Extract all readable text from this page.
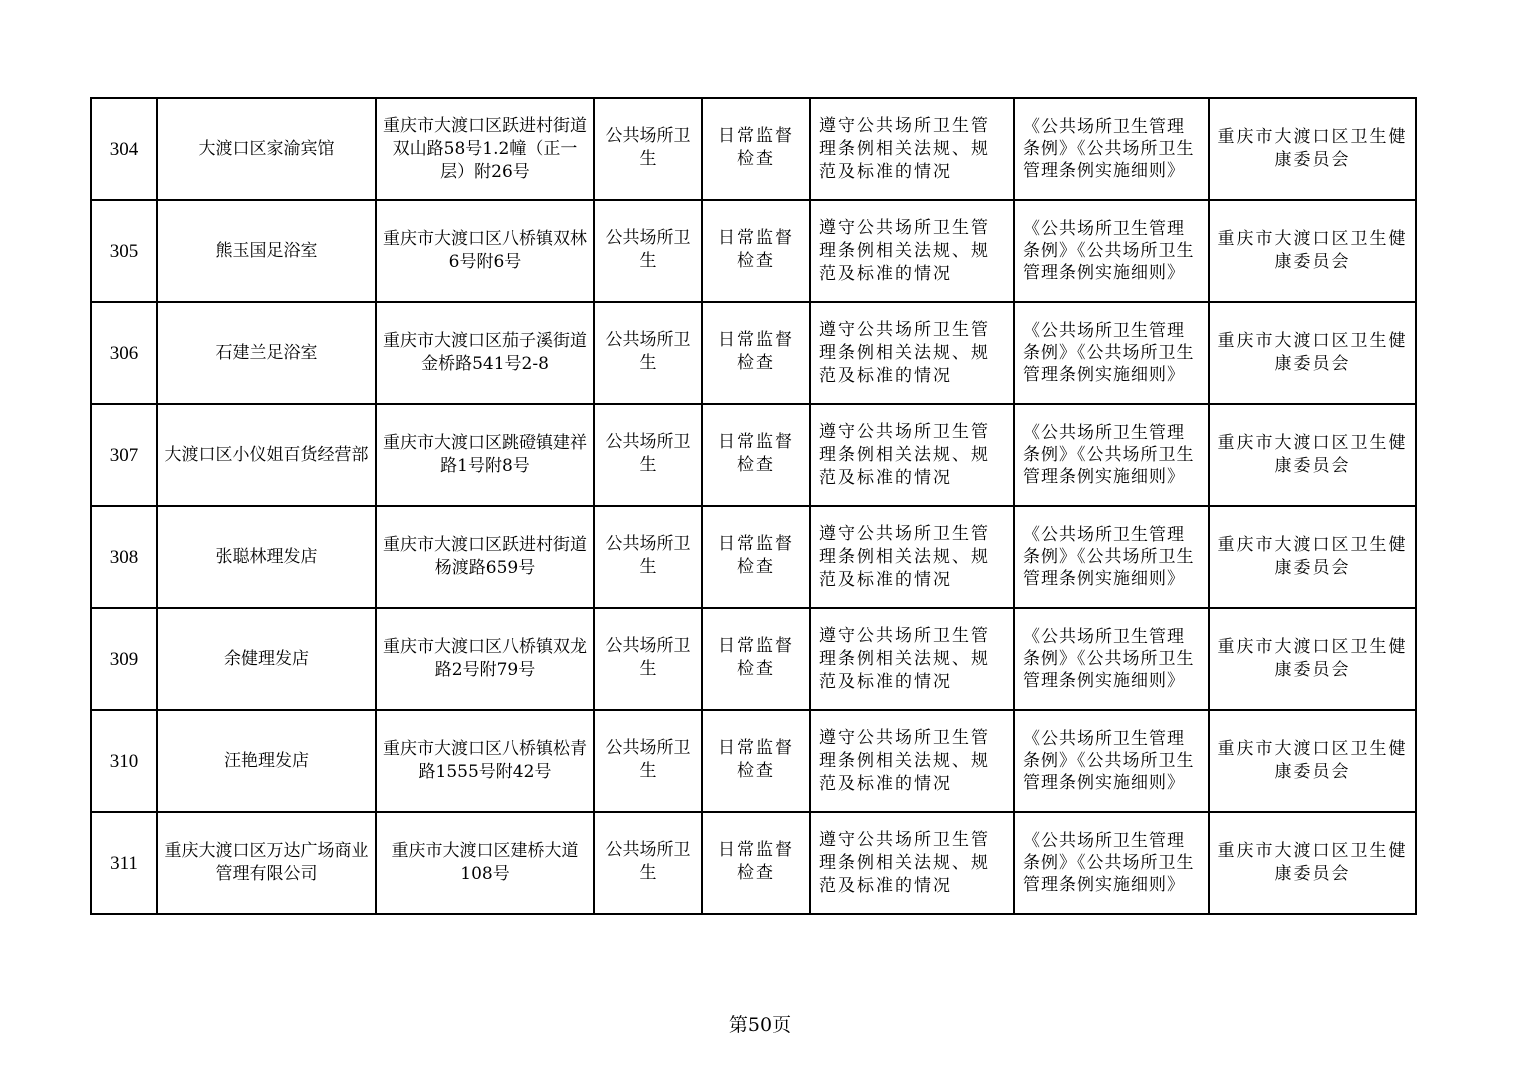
304	大渡口区家渝宾馆	重庆市大渡口区跃进村街道双山路58号1.2幢（正一层）附26号	公共场所卫生	日常监督检查	遵守公共场所卫生管理条例相关法规、规范及标准的情况	《公共场所卫生管理条例》《公共场所卫生管理条例实施细则》	重庆市大渡口区卫生健康委员会
305	熊玉国足浴室	重庆市大渡口区八桥镇双林6号附6号	公共场所卫生	日常监督检查	遵守公共场所卫生管理条例相关法规、规范及标准的情况	《公共场所卫生管理条例》《公共场所卫生管理条例实施细则》	重庆市大渡口区卫生健康委员会
306	石建兰足浴室	重庆市大渡口区茄子溪街道金桥路541号2-8	公共场所卫生	日常监督检查	遵守公共场所卫生管理条例相关法规、规范及标准的情况	《公共场所卫生管理条例》《公共场所卫生管理条例实施细则》	重庆市大渡口区卫生健康委员会
307	大渡口区小仪姐百货经营部	重庆市大渡口区跳磴镇建祥路1号附8号	公共场所卫生	日常监督检查	遵守公共场所卫生管理条例相关法规、规范及标准的情况	《公共场所卫生管理条例》《公共场所卫生管理条例实施细则》	重庆市大渡口区卫生健康委员会
308	张聪林理发店	重庆市大渡口区跃进村街道杨渡路659号	公共场所卫生	日常监督检查	遵守公共场所卫生管理条例相关法规、规范及标准的情况	《公共场所卫生管理条例》《公共场所卫生管理条例实施细则》	重庆市大渡口区卫生健康委员会
309	余健理发店	重庆市大渡口区八桥镇双龙路2号附79号	公共场所卫生	日常监督检查	遵守公共场所卫生管理条例相关法规、规范及标准的情况	《公共场所卫生管理条例》《公共场所卫生管理条例实施细则》	重庆市大渡口区卫生健康委员会
310	汪艳理发店	重庆市大渡口区八桥镇松青路1555号附42号	公共场所卫生	日常监督检查	遵守公共场所卫生管理条例相关法规、规范及标准的情况	《公共场所卫生管理条例》《公共场所卫生管理条例实施细则》	重庆市大渡口区卫生健康委员会
311	重庆大渡口区万达广场商业管理有限公司	重庆市大渡口区建桥大道108号	公共场所卫生	日常监督检查	遵守公共场所卫生管理条例相关法规、规范及标准的情况	《公共场所卫生管理条例》《公共场所卫生管理条例实施细则》	重庆市大渡口区卫生健康委员会
第50页
